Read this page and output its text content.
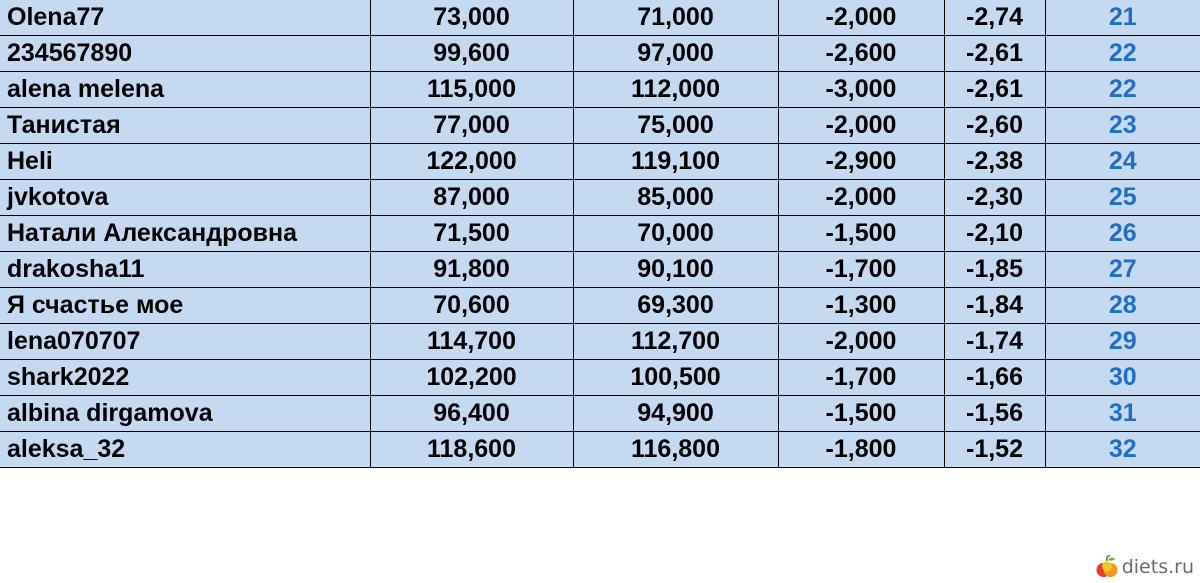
Olena77	73,000	71,000	-2,000	-2,74	21
234567890	99,600	97,000	-2,600	-2,61	22
alena melena	115,000	112,000	-3,000	-2,61	22
Танистая	77,000	75,000	-2,000	-2,60	23
Heli	122,000	119,100	-2,900	-2,38	24
jvkotova	87,000	85,000	-2,000	-2,30	25
Натали Александровна	71,500	70,000	-1,500	-2,10	26
drakosha11	91,800	90,100	-1,700	-1,85	27
Я счастье мое	70,600	69,300	-1,300	-1,84	28
lena070707	114,700	112,700	-2,000	-1,74	29
shark2022	102,200	100,500	-1,700	-1,66	30
albina dirgamova	96,400	94,900	-1,500	-1,56	31
aleksa_32	118,600	116,800	-1,800	-1,52	32
diets.ru
